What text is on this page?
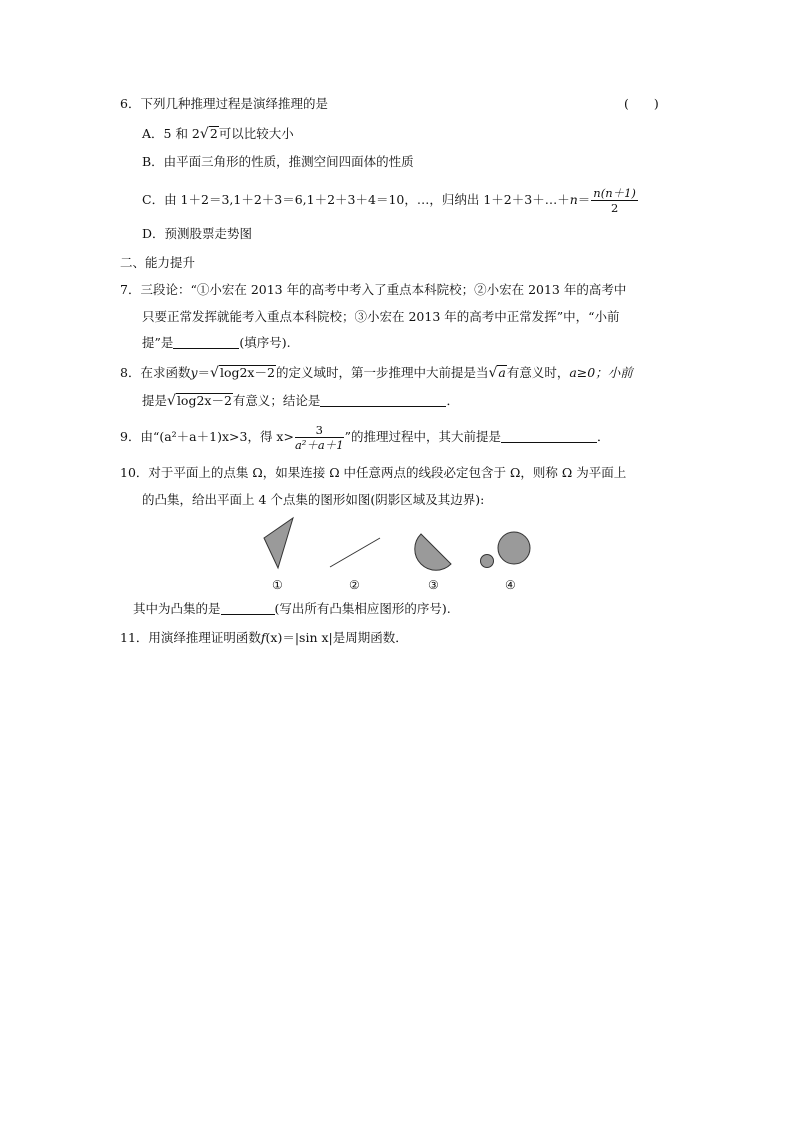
6．下列几种推理过程是演绎推理的是	(　　)
A．5 和 2√2可以比较大小
B．由平面三角形的性质，推测空间四面体的性质
C．由 1＋2＝3,1＋2＋3＝6,1＋2＋3＋4＝10，…，归纳出 1＋2＋3＋…＋n＝ $\frac{n(n+1)}{2}$
D．预测股票走势图
二、能力提升
7．三段论：“①小宏在 2013 年的高考中考入了重点本科院校；②小宏在 2013 年的高考中
只要正常发挥就能考入重点本科院校；③小宏在 2013 年的高考中正常发挥”中，“小前
提”是	(填序号).
8．在求函数y＝√log2x－2的定义域时，第一步推理中大前提是当√a有意义时，a≥0；小前
提是√log2x－2有意义；结论是	．
9．由“(a²＋a＋1)x>3，得 $x> \frac{3}{\text{a²＋a＋1}}$ ”的推理过程中，其大前提是	．
10．对于平面上的点集 Ω，如果连接 Ω 中任意两点的线段必定包含于 Ω，则称 Ω 为平面上
的凸集，给出平面上 4 个点集的图形如图(阴影区域及其边界):
①	②	③	④
其中为凸集的是	(写出所有凸集相应图形的序号).
11．用演绎推理证明函数f(x)＝|sin x|是周期函数．
